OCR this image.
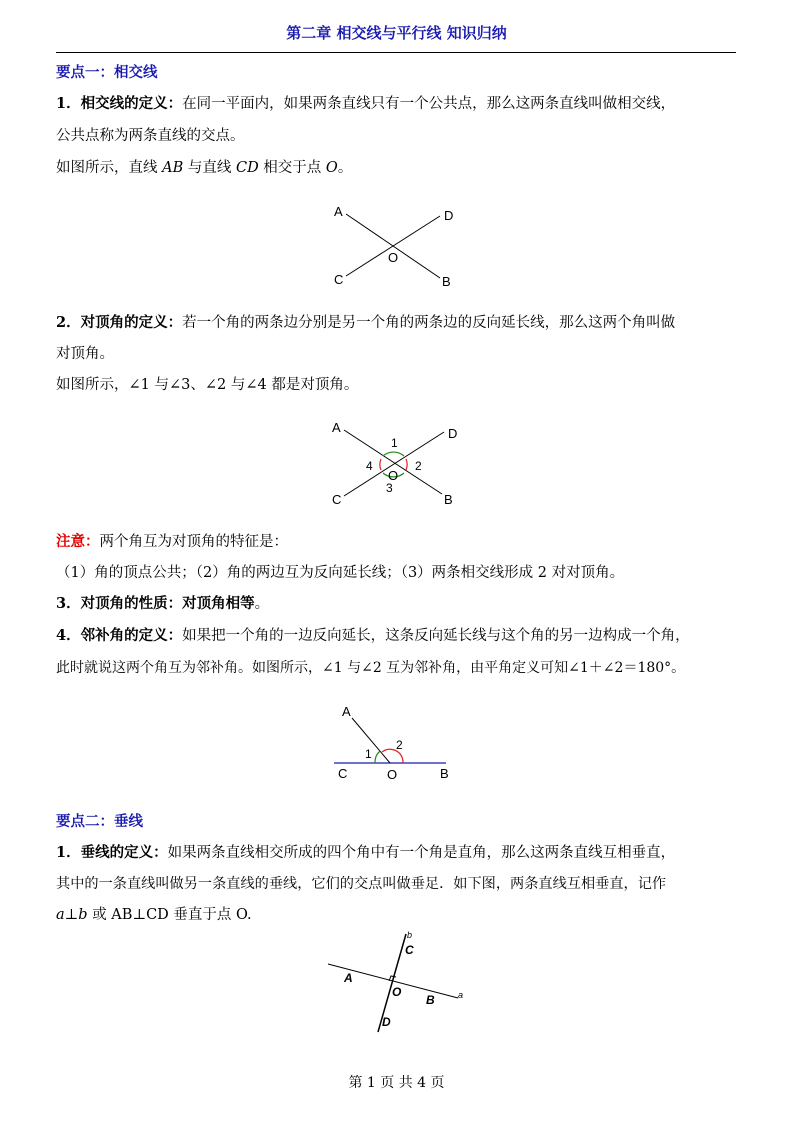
第二章 相交线与平行线 知识归纳
要点一：相交线
1．相交线的定义：在同一平面内，如果两条直线只有一个公共点，那么这两条直线叫做相交线，
公共点称为两条直线的交点。
如图所示，直线 AB 与直线 CD 相交于点 O。
A
B
C
D
O
2．对顶角的定义：若一个角的两条边分别是另一个角的两条边的反向延长线，那么这两个角叫做
对顶角。
如图所示，∠1 与∠3、∠2 与∠4 都是对顶角。
A
B
C
D
O
1
2
3
4
注意：两个角互为对顶角的特征是：
（1）角的顶点公共；（2）角的两边互为反向延长线；（3）两条相交线形成 2 对对顶角。
3．对顶角的性质：对顶角相等。
4．邻补角的定义：如果把一个角的一边反向延长，这条反向延长线与这个角的另一边构成一个角，
此时就说这两个角互为邻补角。如图所示，∠1 与∠2 互为邻补角，由平角定义可知∠1＋∠2＝180°。
A
B
C	O
1
2
要点二：垂线
1．垂线的定义：如果两条直线相交所成的四个角中有一个角是直角，那么这两条直线互相垂直，
其中的一条直线叫做另一条直线的垂线，它们的交点叫做垂足．如下图，两条直线互相垂直，记作
a⊥b 或 AB⊥CD 垂直于点 O.
A
B
C
D
O	a
b
第 1 页 共 4 页
